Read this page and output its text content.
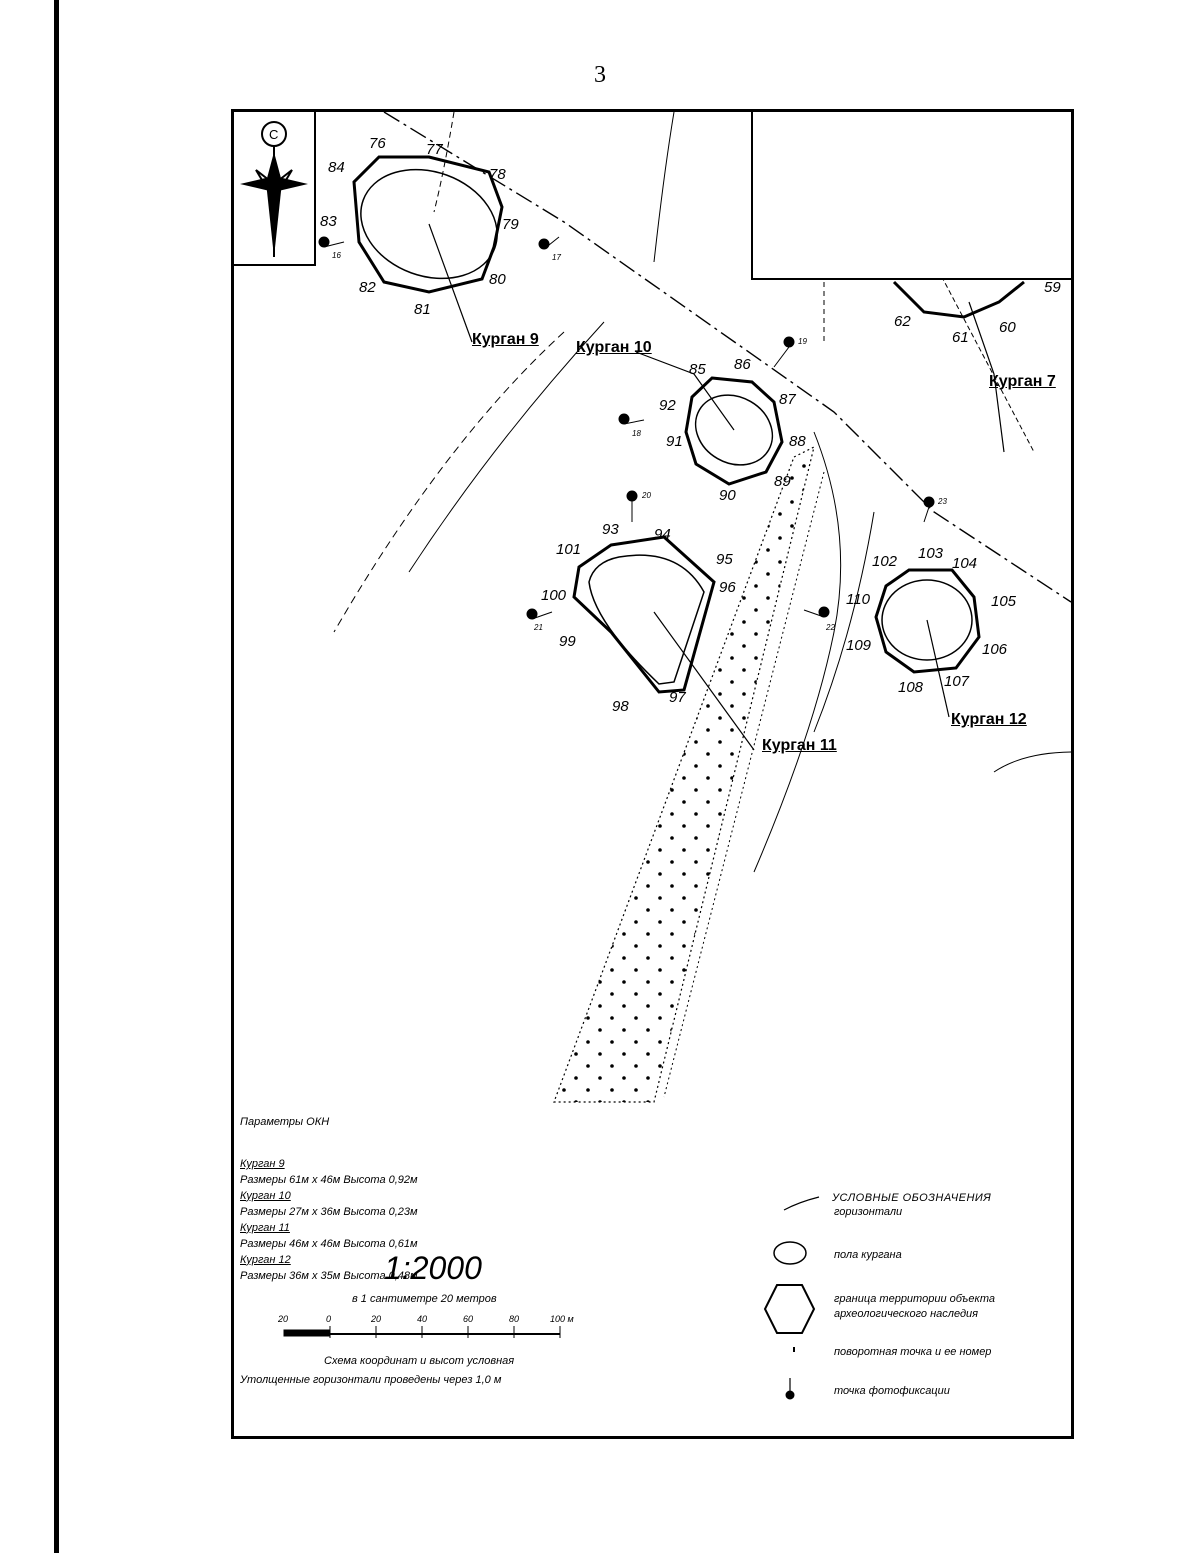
3
С
76	77
78
79
80
81
82
83
84
85 86
87
88
89
90
91
92
93 94
95
96
97
98
99
100
101
102 103
104
105
106
107
108
109
110
59
60
61
62
16	17
18
19
20
21	22
23
Курган 9 Курган 10
Курган 11
Курган 12
Курган 7
Параметры ОКН
Курган 9
Размеры 61м х 46м Высота 0,92м
Курган 10
Размеры 27м х 36м Высота 0,23м
Курган 11
Размеры 46м х 46м Высота 0,61м
Курган 12
Размеры 36м х 35м Высота 0,48м
1:2000
в 1 сантиметре 20 метров
20	0	20	40	60	80	100 м
Схема координат и высот условная
Утолщенные горизонтали проведены через 1,0 м
УСЛОВНЫЕ ОБОЗНАЧЕНИЯ
горизонтали
пола кургана
граница территории объекта археологического наследия
поворотная точка и ее номер
точка фотофиксации
